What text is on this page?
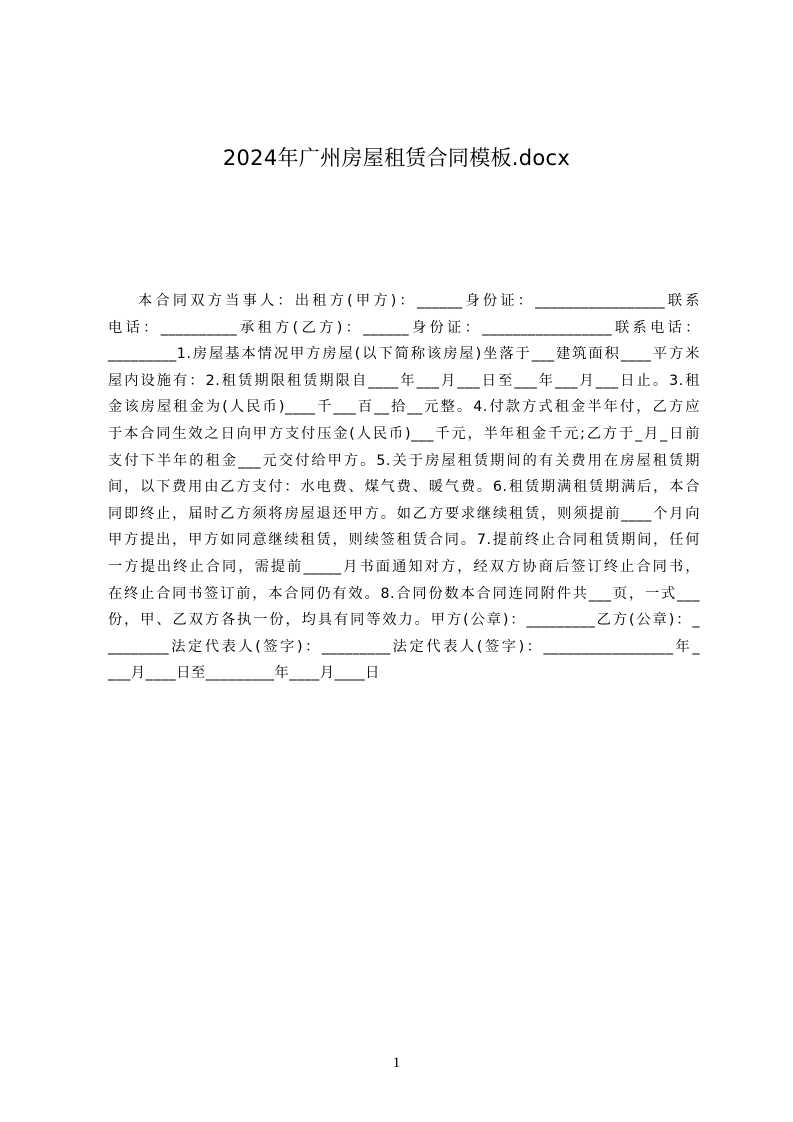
2024年广州房屋租赁合同模板.docx
本合同双方当事人：出租方(甲方)：______身份证：_________________联系
电话：__________承租方(乙方)：______身份证：_________________联系电话：
_________1.房屋基本情况甲方房屋(以下简称该房屋)坐落于___建筑面积____平方米
屋内设施有：2.租赁期限租赁期限自____年___月___日至___年___月___日止。3.租
金该房屋租金为(人民币)____千___百__拾__元整。4.付款方式租金半年付，乙方应
于本合同生效之日向甲方支付压金(人民币)___千元，半年租金千元;乙方于_月_日前
支付下半年的租金___元交付给甲方。5.关于房屋租赁期间的有关费用在房屋租赁期
间，以下费用由乙方支付：水电费、煤气费、暖气费。6.租赁期满租赁期满后，本合
同即终止，届时乙方须将房屋退还甲方。如乙方要求继续租赁，则须提前____个月向
甲方提出，甲方如同意继续租赁，则续签租赁合同。7.提前终止合同租赁期间，任何
一方提出终止合同，需提前_____月书面通知对方，经双方协商后签订终止合同书，
在终止合同书签订前，本合同仍有效。8.合同份数本合同连同附件共___页，一式___
份，甲、乙双方各执一份，均具有同等效力。甲方(公章)：_________乙方(公章)：_
________法定代表人(签字)：_________法定代表人(签字)：_________________年_
___月____日至_________年____月____日
1
